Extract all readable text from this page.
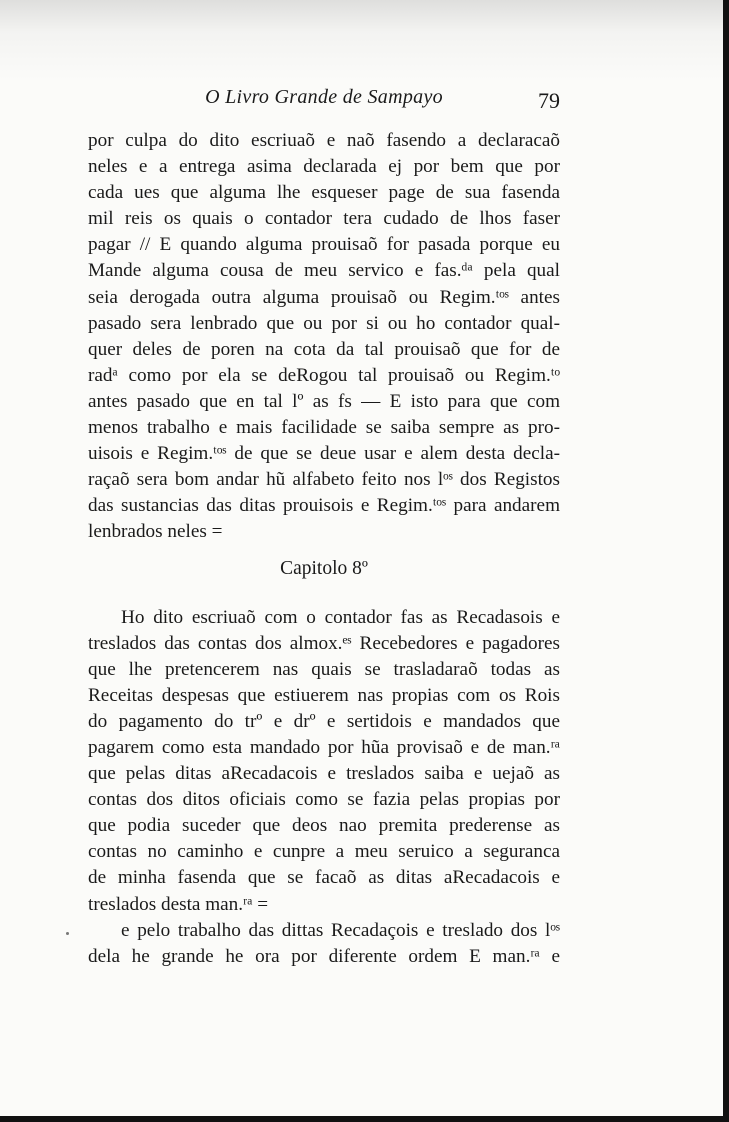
O Livro Grande de Sampayo	79
por culpa do dito escriuaõ e naõ fasendo a declaracaõ
neles e a entrega asima declarada ej por bem que por
cada ues que alguma lhe esqueser page de sua fasenda
mil reis os quais o contador tera cudado de lhos faser
pagar // E quando alguma prouisaõ for pasada porque eu
Mande alguma cousa de meu servico e fas.ᵈᵃ pela qual
seia derogada outra alguma prouisaõ ou Regim.ᵗᵒˢ antes
pasado sera lenbrado que ou por si ou ho contador qual-
quer deles de poren na cota da tal prouisaõ que for de
radᵃ como por ela se deRogou tal prouisaõ ou Regim.ᵗᵒ
antes pasado que en tal lº as fs — E isto para que com
menos trabalho e mais facilidade se saiba sempre as pro-
uisois e Regim.ᵗᵒˢ de que se deue usar e alem desta decla-
raçaõ sera bom andar hũ alfabeto feito nos lᵒˢ dos Registos
das sustancias das ditas prouisois e Regim.ᵗᵒˢ para andarem
lenbrados neles =
Capitolo 8º
Ho dito escriuaõ com o contador fas as Recadasois e
treslados das contas dos almox.ᵉˢ Recebedores e pagadores
que lhe pretencerem nas quais se trasladaraõ todas as
Receitas despesas que estiuerem nas propias com os Rois
do pagamento do trº e drº e sertidois e mandados que
pagarem como esta mandado por hũa provisaõ e de man.ʳᵃ
que pelas ditas aRecadacois e treslados saiba e uejaõ as
contas dos ditos oficiais como se fazia pelas propias por
que podia suceder que deos nao premita prederense as
contas no caminho e cunpre a meu seruico a seguranca
de minha fasenda que se facaõ as ditas aRecadacois e
treslados desta man.ʳᵃ =
e pelo trabalho das dittas Recadaçois e treslado dos lᵒˢ
dela he grande he ora por diferente ordem E man.ʳᵃ e
